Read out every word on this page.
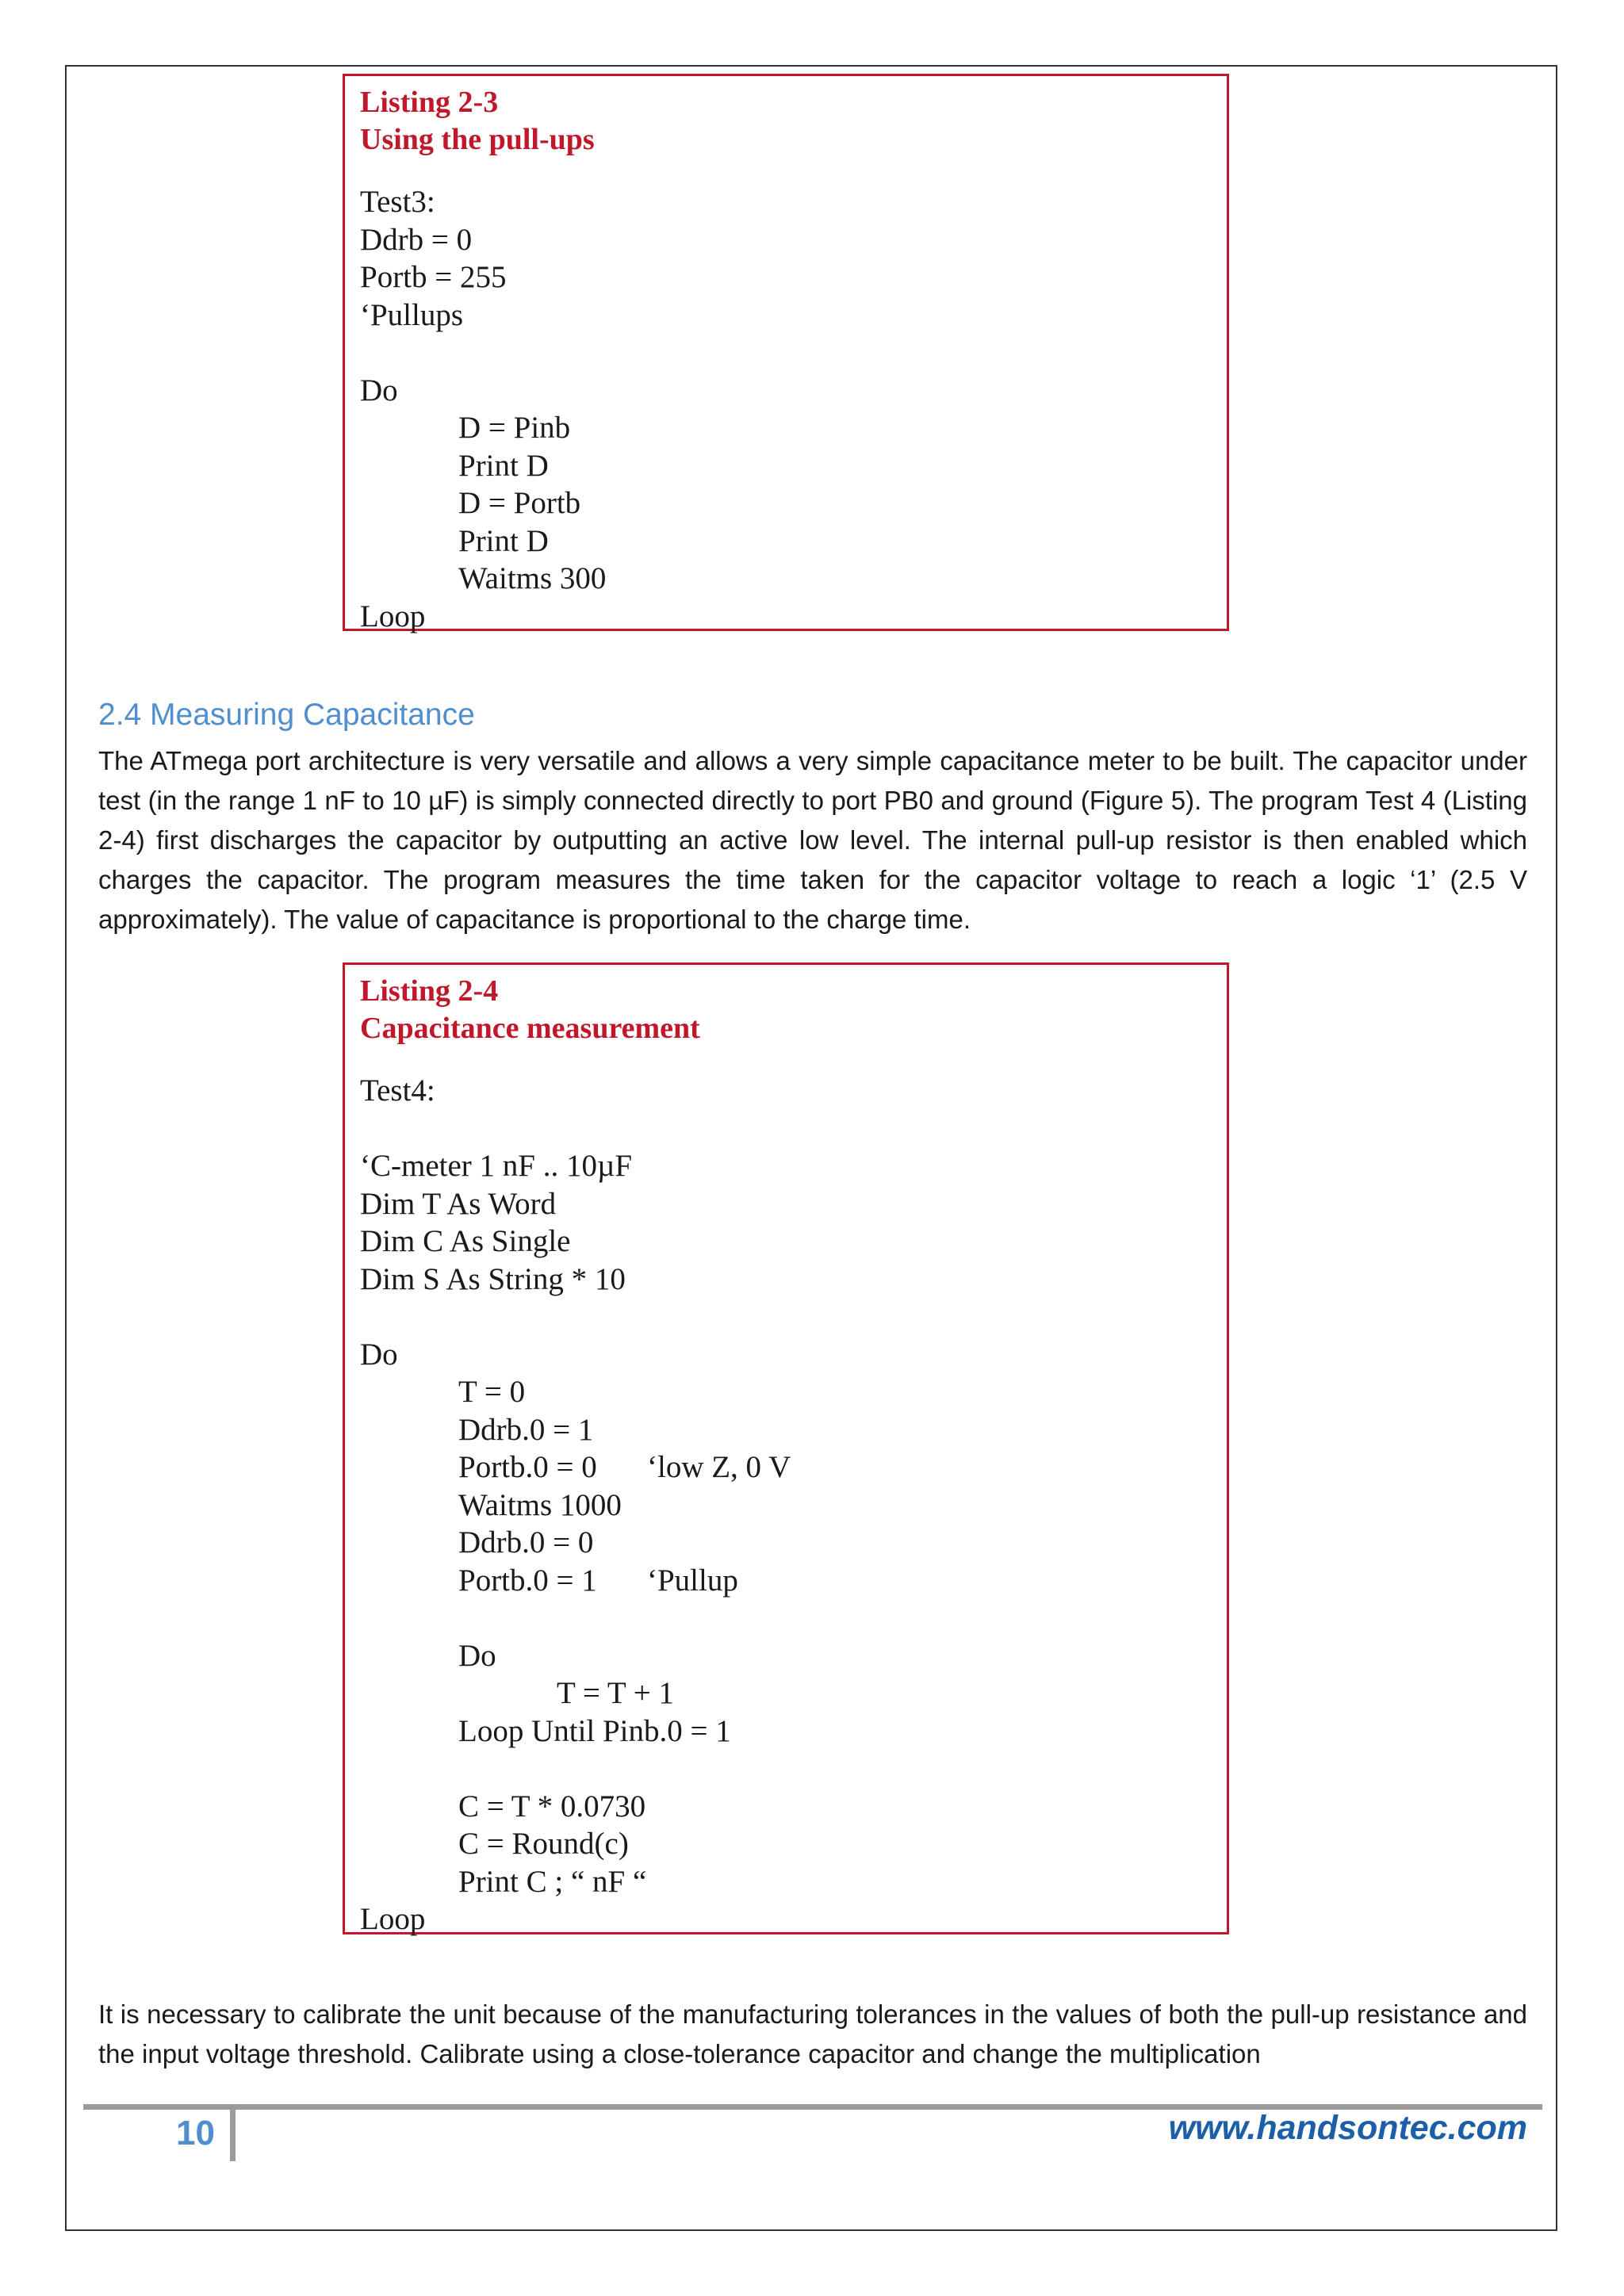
Listing 2-3
Using the pull-ups
Test3:
Ddrb = 0
Portb = 255
‘Pullups
Do
D = Pinb
Print D
D = Portb
Print D
Waitms 300
Loop
2.4 Measuring Capacitance

The ATmega port architecture is very versatile and allows a very simple capacitance meter to be built. The capacitor under test (in the range 1 nF to 10 µF) is simply connected directly to port PB0 and ground (Figure 5). The program Test 4 (Listing 2-4) first discharges the capacitor by outputting an active low level. The internal pull-up resistor is then enabled which charges the capacitor. The program measures the time taken for the capacitor voltage to reach a logic ‘1’ (2.5 V approximately). The value of capacitance is proportional to the charge time.

Listing 2-4
Capacitance measurement
Test4:
‘C-meter 1 nF .. 10µF
Dim T As Word
Dim C As Single
Dim S As String * 10
Do
T = 0
Ddrb.0 = 1
Portb.0 = 0 ‘low Z, 0 V
Waitms 1000
Ddrb.0 = 0
Portb.0 = 1 ‘Pullup
Do
T = T + 1
Loop Until Pinb.0 = 1
C = T * 0.0730
C = Round(c)
Print C ; “ nF “
Loop

It is necessary to calibrate the unit because of the manufacturing tolerances in the values of both the pull-up resistance and the input voltage threshold. Calibrate using a close-tolerance capacitor and change the multiplication

10	www.handsontec.com
